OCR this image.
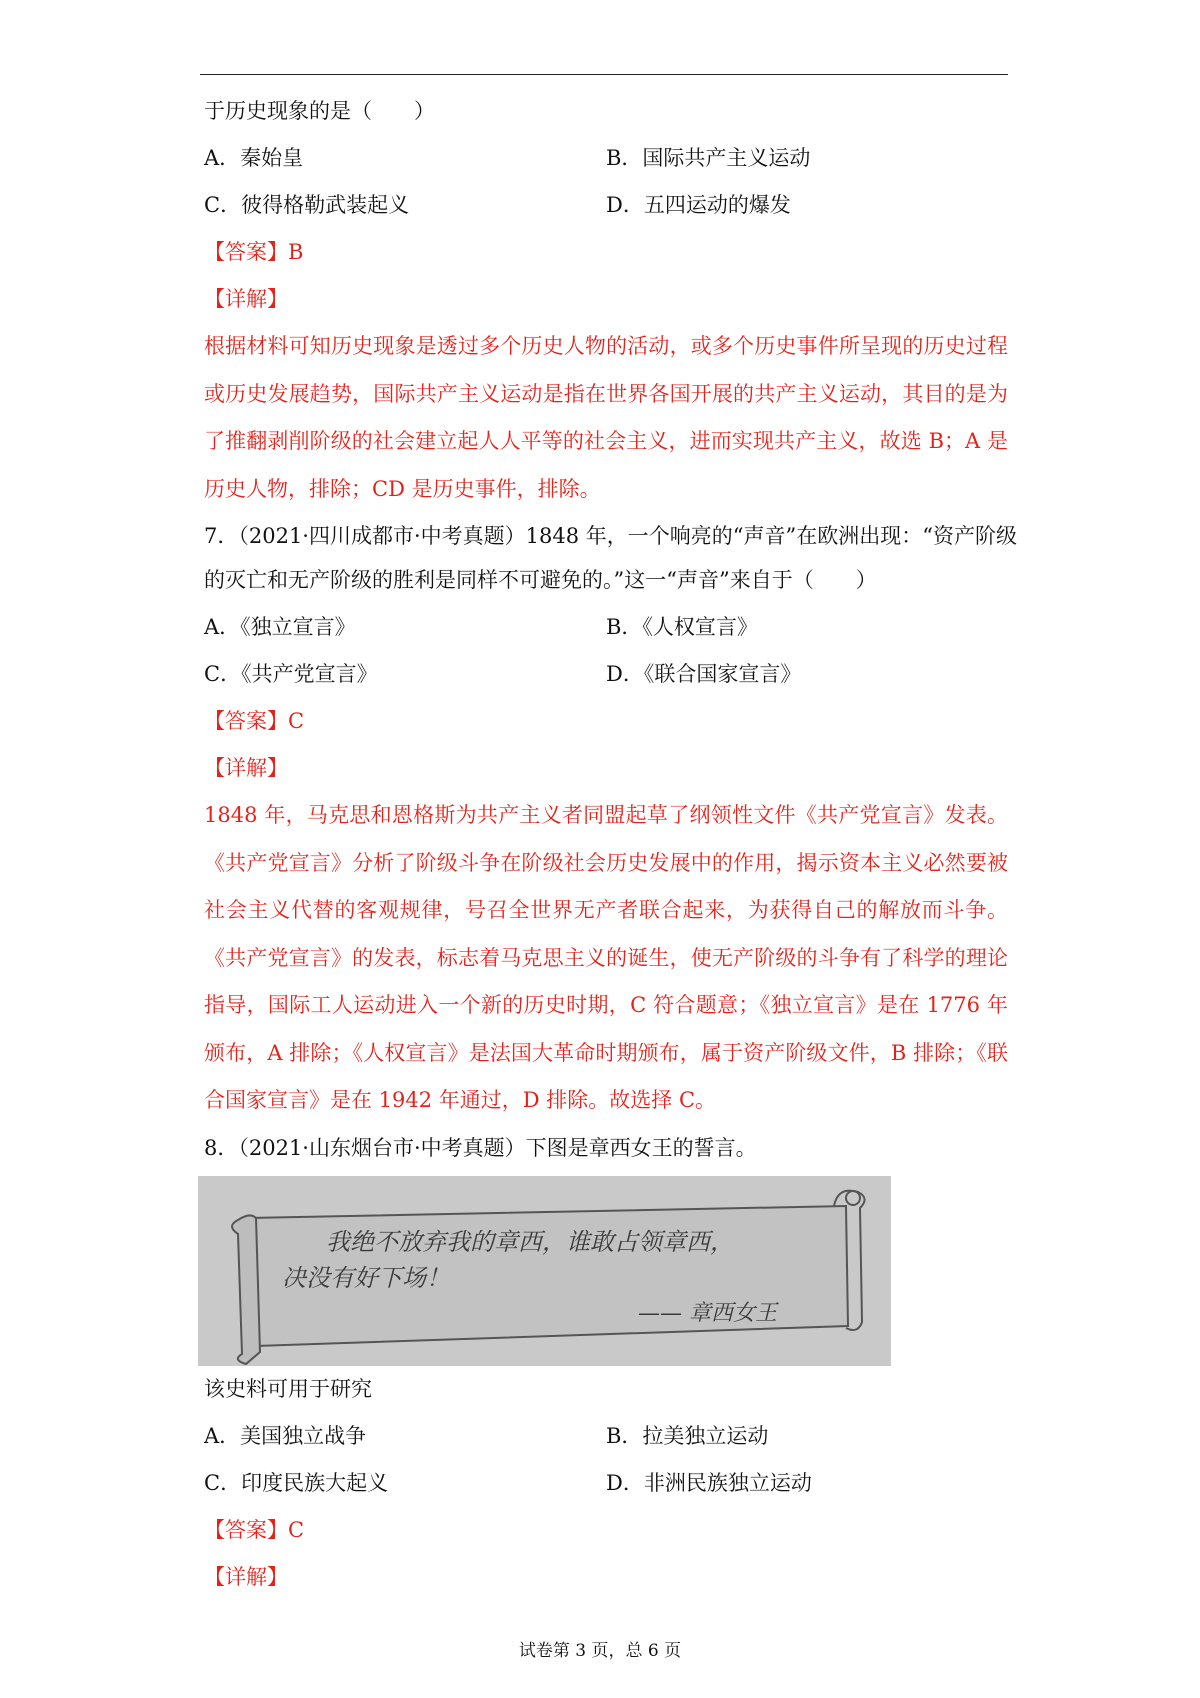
于历史现象的是（　　）
A．秦始皇	B．国际共产主义运动
C．彼得格勒武装起义	D．五四运动的爆发
【答案】B
【详解】
根据材料可知历史现象是透过多个历史人物的活动，或多个历史事件所呈现的历史过程或历史发展趋势，国际共产主义运动是指在世界各国开展的共产主义运动，其目的是为了推翻剥削阶级的社会建立起人人平等的社会主义，进而实现共产主义，故选 B；A 是历史人物，排除；CD 是历史事件，排除。
7．（2021·四川成都市·中考真题）1848 年，一个响亮的“声音”在欧洲出现：“资产阶级
的灭亡和无产阶级的胜利是同样不可避免的。”这一“声音”来自于（　　）
A．《独立宣言》	B．《人权宣言》
C．《共产党宣言》	D．《联合国家宣言》
【答案】C
【详解】
1848 年，马克思和恩格斯为共产主义者同盟起草了纲领性文件《共产党宣言》发表。《共产党宣言》分析了阶级斗争在阶级社会历史发展中的作用，揭示资本主义必然要被社会主义代替的客观规律，号召全世界无产者联合起来，为获得自己的解放而斗争。《共产党宣言》的发表，标志着马克思主义的诞生，使无产阶级的斗争有了科学的理论指导，国际工人运动进入一个新的历史时期，C 符合题意；《独立宣言》是在 1776 年颁布，A 排除；《人权宣言》是法国大革命时期颁布，属于资产阶级文件，B 排除；《联合国家宣言》是在 1942 年通过，D 排除。故选择 C。
8．（2021·山东烟台市·中考真题）下图是章西女王的誓言。
我绝不放弃我的章西，谁敢占领章西，
决没有好下场！
—— 章西女王
该史料可用于研究
A．美国独立战争	B．拉美独立运动
C．印度民族大起义	D．非洲民族独立运动
【答案】C
【详解】
试卷第 3 页，总 6 页
